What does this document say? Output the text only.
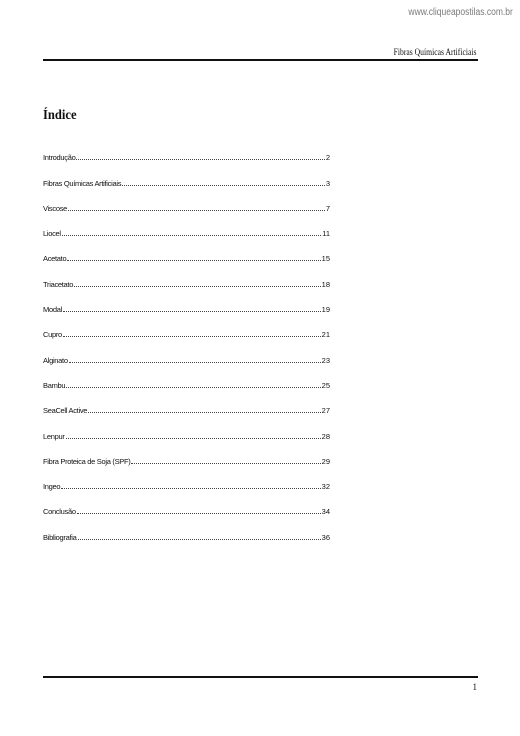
www.cliqueapostilas.com.br
Fibras Químicas Artificiais
Índice
Introdução	2
Fibras Químicas Artificiais	3
Viscose	7
Liocel	11
Acetato	15
Triacetato	18
Modal	19
Cupro	21
Alginato	23
Bambu	25
SeaCell Active	27
Lenpur	28
Fibra Proteica de Soja (SPF)	29
Ingeo	32
Conclusão	34
Bibliografia	36
1
